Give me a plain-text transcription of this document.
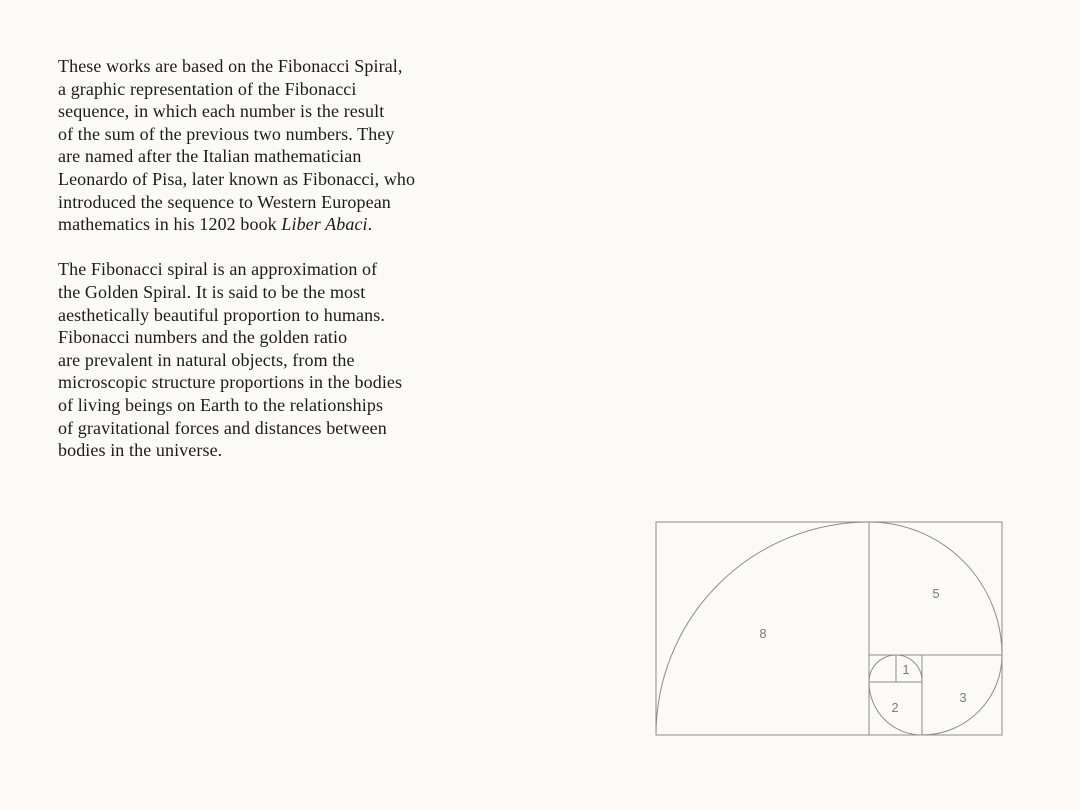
These works are based on the Fibonacci Spiral,
a graphic representation of the Fibonacci
sequence, in which each number is the result
of the sum of the previous two numbers. They
are named after the Italian mathematician
Leonardo of Pisa, later known as Fibonacci, who
introduced the sequence to Western European
mathematics in his 1202 book Liber Abaci.

The Fibonacci spiral is an approximation of
the Golden Spiral. It is said to be the most
aesthetically beautiful proportion to humans.
Fibonacci numbers and the golden ratio
are prevalent in natural objects, from the
microscopic structure proportions in the bodies
of living beings on Earth to the relationships
of gravitational forces and distances between
bodies in the universe.

8
5
3
2
1
